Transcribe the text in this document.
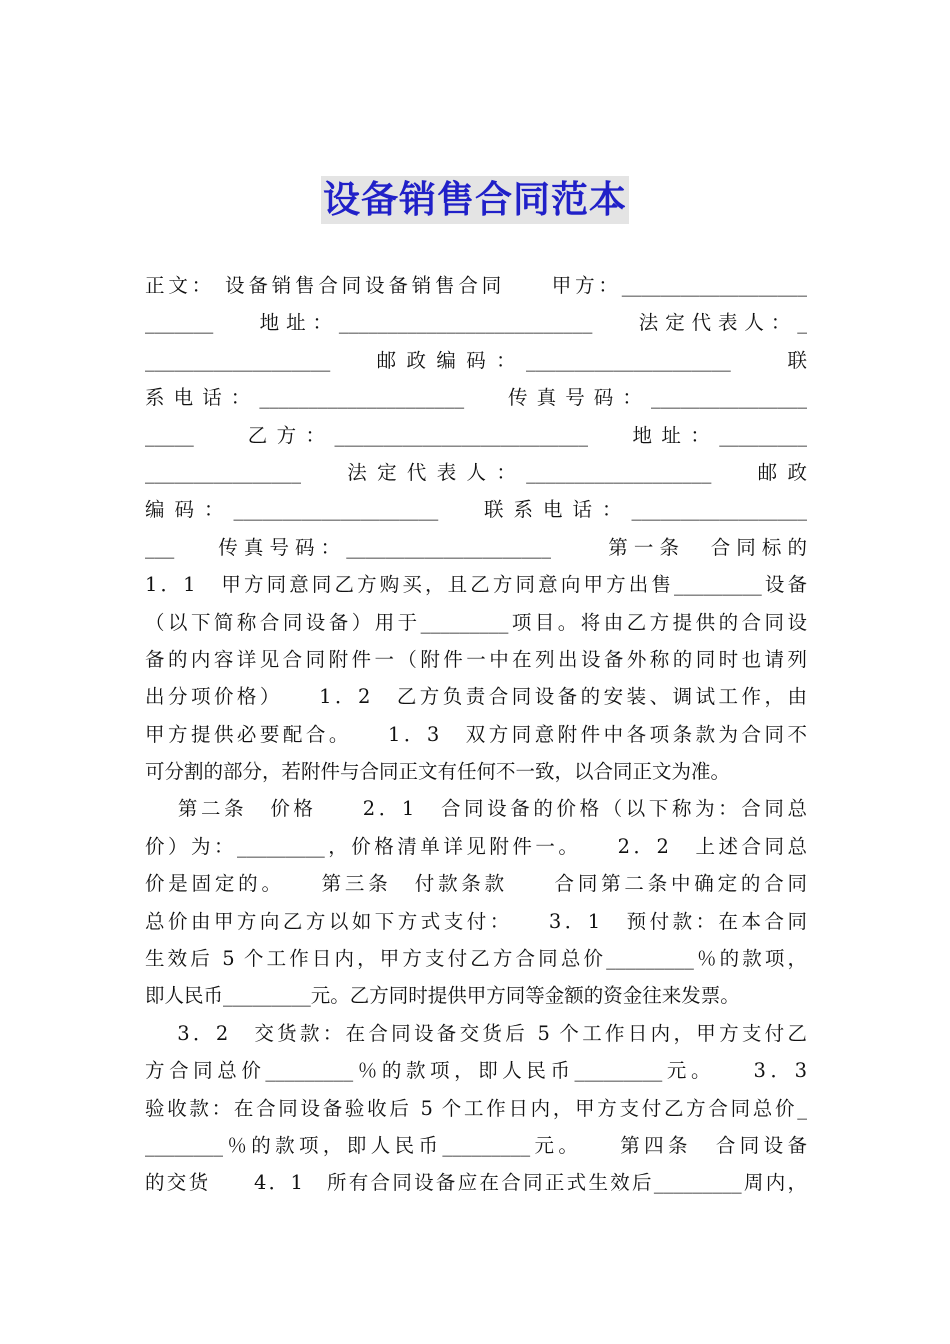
设备销售合同范本
正文： 设备销售合同设备销售合同　　甲方：___________________
_______　 地址：__________________________　 法定代表人：_
___________________ 　邮政编码：_____________________　 联
系电话：_____________________ 　传真号码：________________
_____　 乙方：__________________________ 　地址：_________
________________ 　法定代表人：___________________ 　邮政
编码：_____________________ 　联系电话：__________________
___　 传真号码：_____________________　　第一条　合同标的
1．1　甲方同意同乙方购买，且乙方同意向甲方出售_________设备
（以下简称合同设备）用于_________项目。将由乙方提供的合同设
备的内容详见合同附件一（附件一中在列出设备外称的同时也请列
出分项价格）　　1．2　乙方负责合同设备的安装、调试工作，由
甲方提供必要配合。　　1．3　双方同意附件中各项条款为合同不
可分割的部分，若附件与合同正文有任何不一致，以合同正文为准。
　 第二条　价格　　2．1　合同设备的价格（以下称为：合同总
价）为：_________，价格清单详见附件一。　　2．2　上述合同总
价是固定的。　　第三条　付款条款　　合同第二条中确定的合同
总价由甲方向乙方以如下方式支付：　　3．1　预付款：在本合同
生效后 5 个工作日内，甲方支付乙方合同总价_________％的款项，
即人民币_________元。乙方同时提供甲方同等金额的资金往来发票。
　 3．2　交货款：在合同设备交货后 5 个工作日内，甲方支付乙
方合同总价_________％的款项，即人民币_________元。　　3．3
验收款：在合同设备验收后 5 个工作日内，甲方支付乙方合同总价_
________％的款项，即人民币_________元。　　第四条　合同设备
的交货　　4．1　所有合同设备应在合同正式生效后_________周内，
